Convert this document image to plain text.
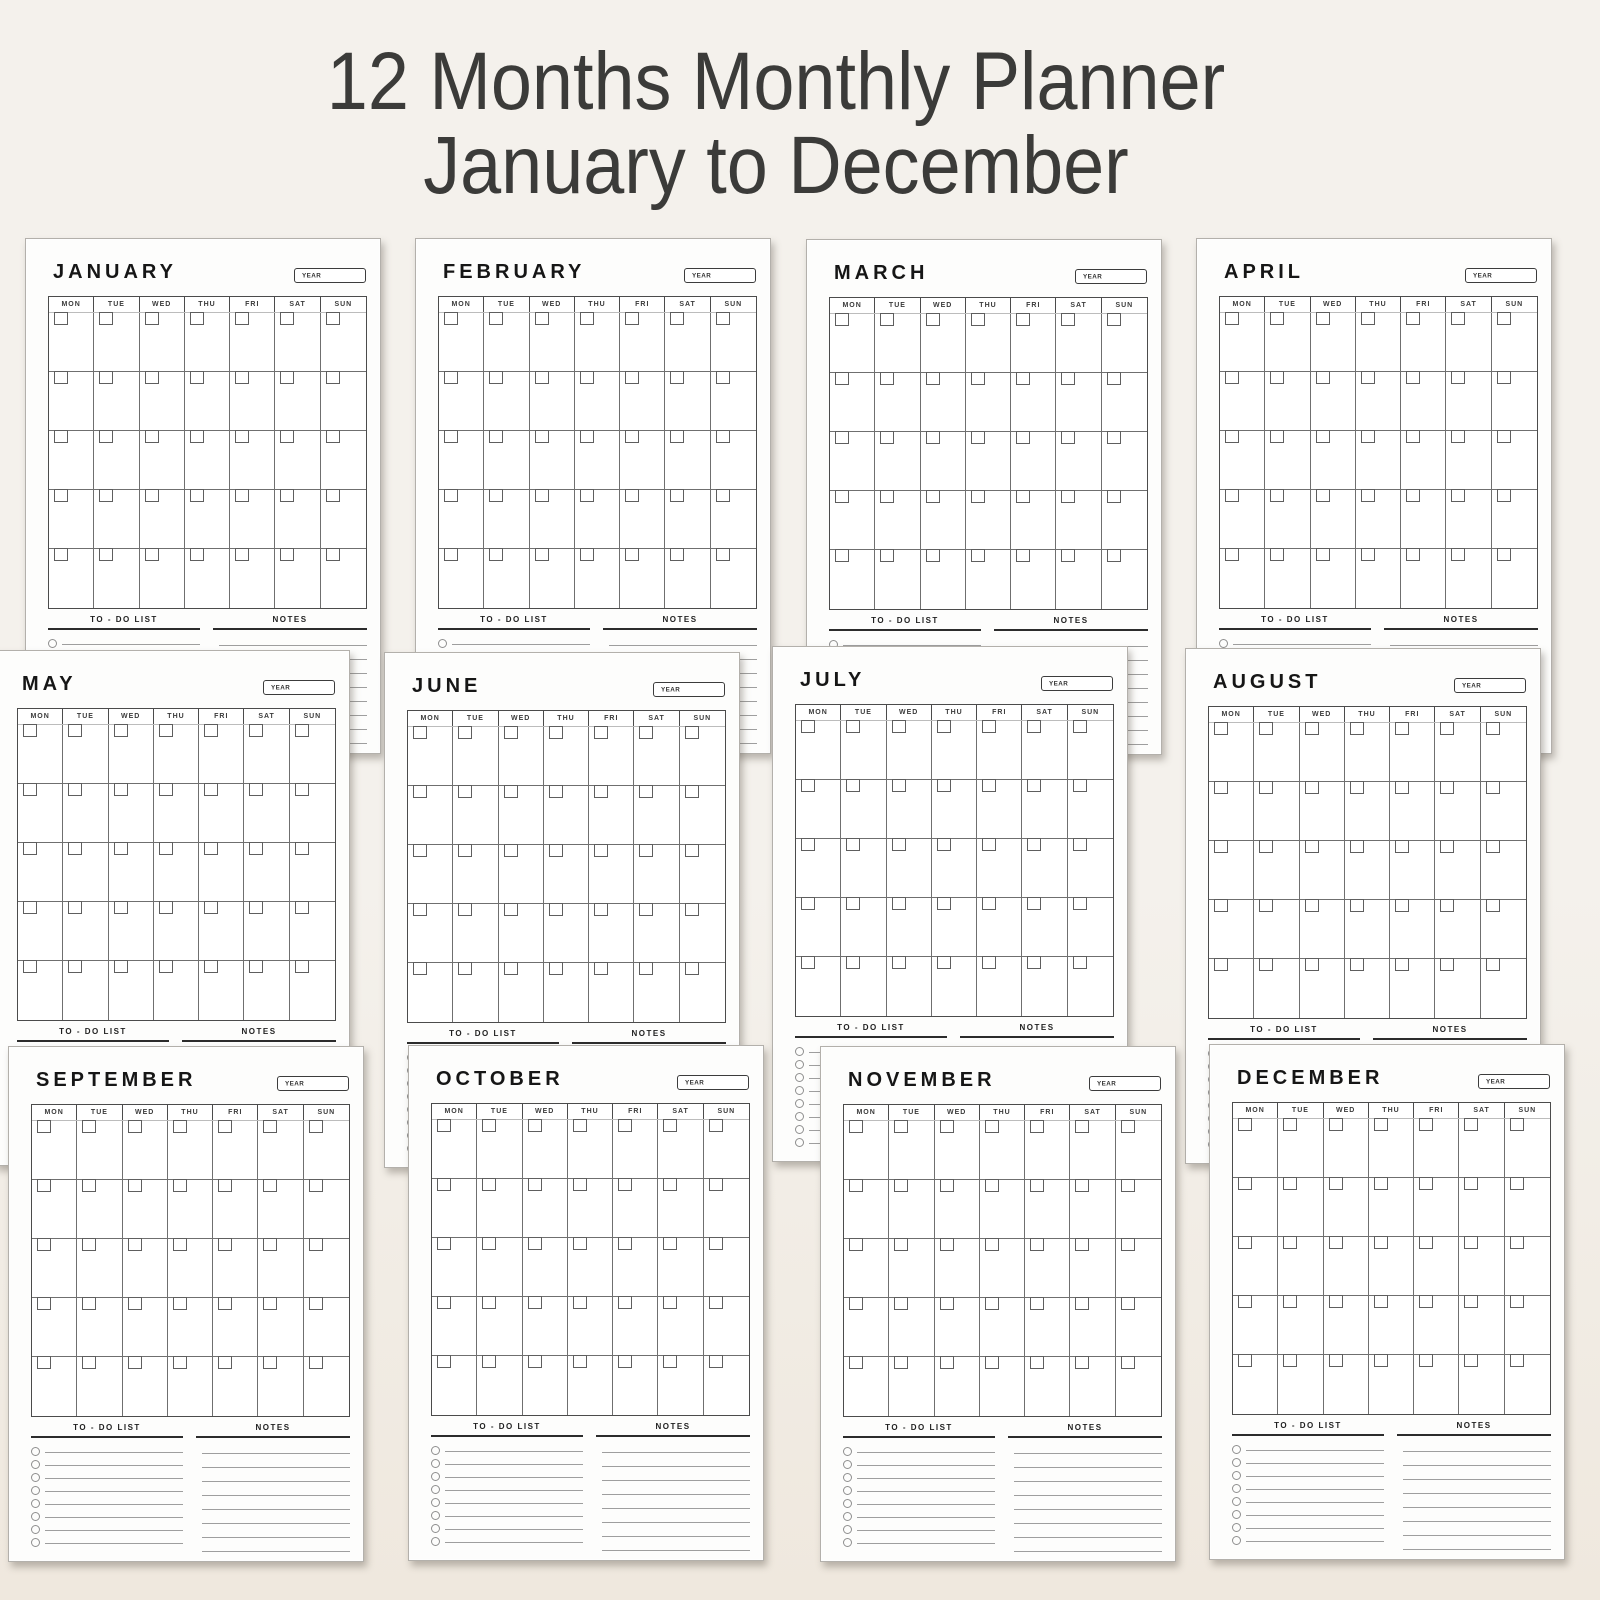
12 Months Monthly Planner
January to December
JANUARY	YEAR
MON	TUE	WED	THU	FRI	SAT	SUN
TO - DO LIST	NOTES
FEBRUARY	YEAR
MON	TUE	WED	THU	FRI	SAT	SUN
TO - DO LIST	NOTES
MARCH	YEAR
MON	TUE	WED	THU	FRI	SAT	SUN
TO - DO LIST	NOTES
APRIL	YEAR
MON	TUE	WED	THU	FRI	SAT	SUN
TO - DO LIST	NOTES
MAY	YEAR
MON	TUE	WED	THU	FRI	SAT	SUN
TO - DO LIST	NOTES
JUNE	YEAR
MON	TUE	WED	THU	FRI	SAT	SUN
TO - DO LIST	NOTES
JULY	YEAR
MON	TUE	WED	THU	FRI	SAT	SUN
TO - DO LIST	NOTES
AUGUST	YEAR
MON	TUE	WED	THU	FRI	SAT	SUN
TO - DO LIST	NOTES
SEPTEMBER	YEAR
MON	TUE	WED	THU	FRI	SAT	SUN
TO - DO LIST	NOTES
OCTOBER	YEAR
MON	TUE	WED	THU	FRI	SAT	SUN
TO - DO LIST	NOTES
NOVEMBER	YEAR
MON	TUE	WED	THU	FRI	SAT	SUN
TO - DO LIST	NOTES
DECEMBER	YEAR
MON	TUE	WED	THU	FRI	SAT	SUN
TO - DO LIST	NOTES
